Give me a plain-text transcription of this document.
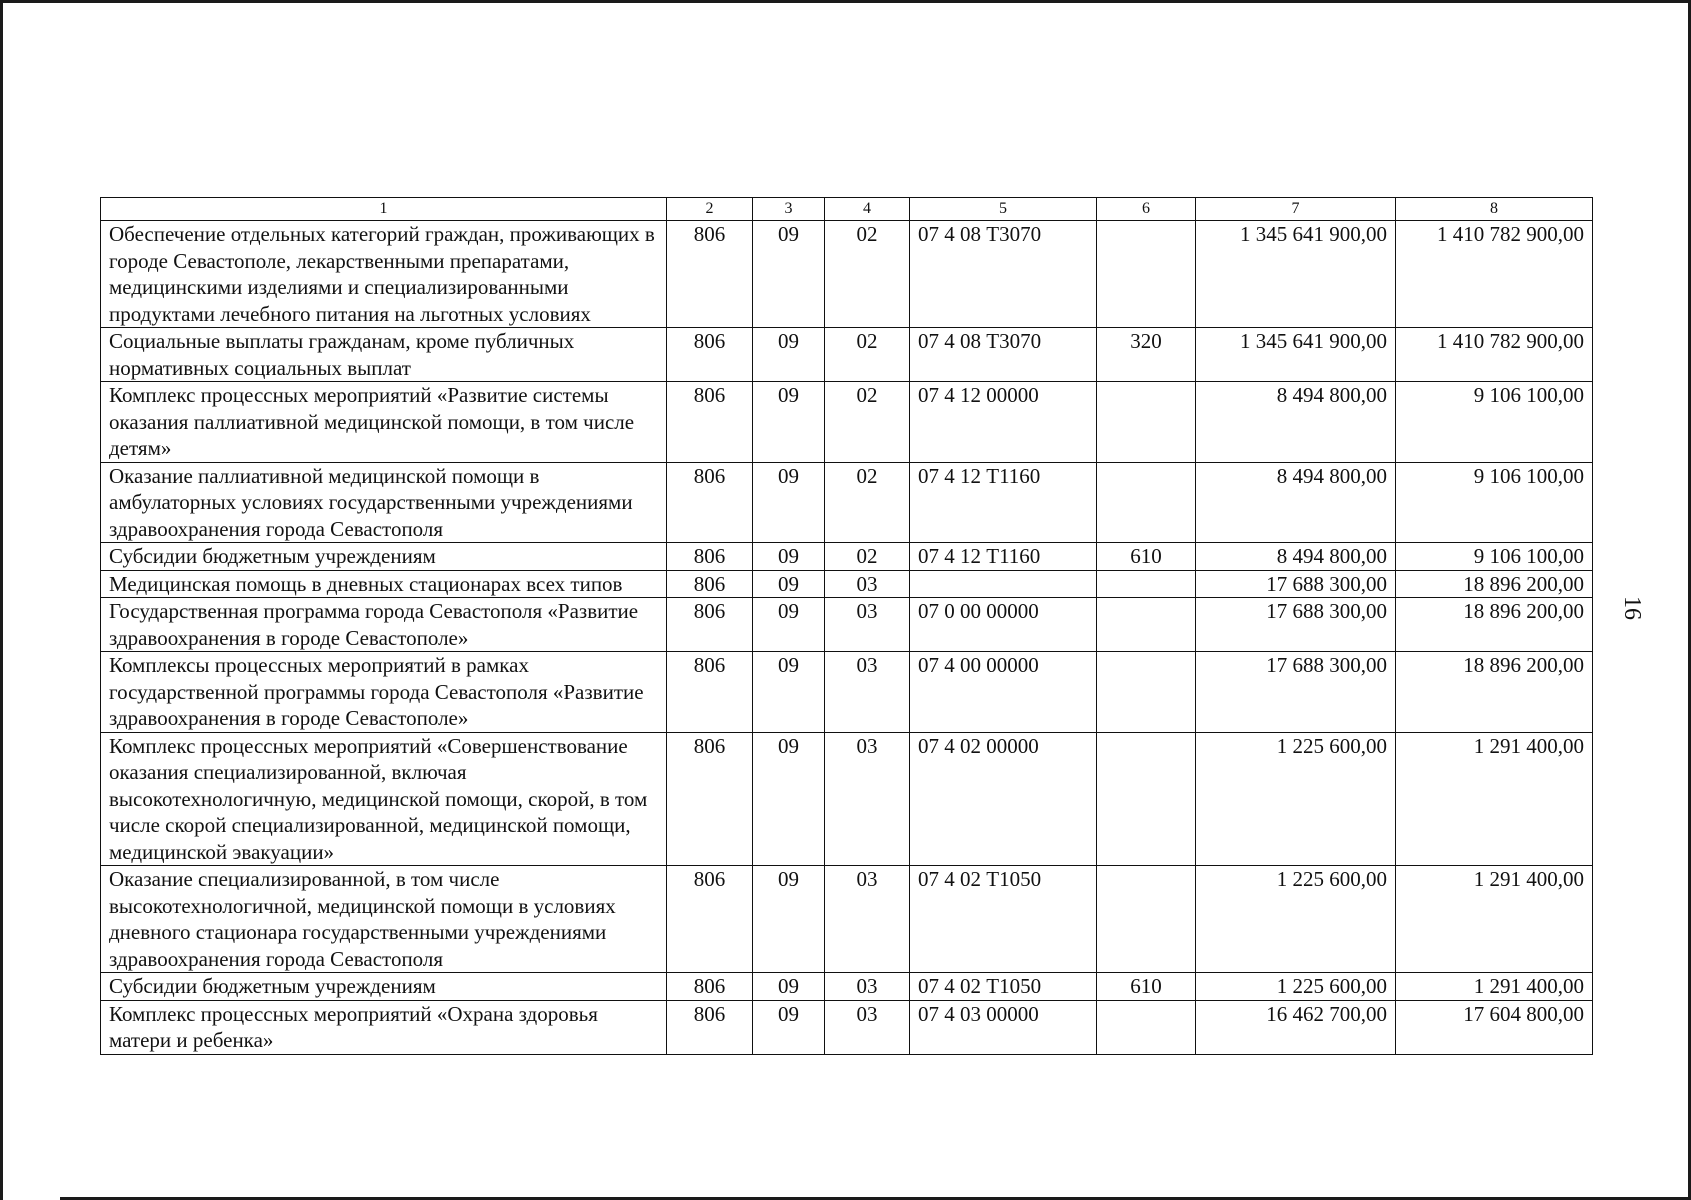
16
1	2	3	4	5	6	7	8
Обеспечение отдельных категорий граждан, проживающих в городе Севастополе, лекарственными препаратами, медицинскими изделиями и специализированными продуктами лечебного питания на льготных условиях	806	09	02	07 4 08 Т3070		1 345 641 900,00	1 410 782 900,00
Социальные выплаты гражданам, кроме публичных нормативных социальных выплат	806	09	02	07 4 08 Т3070	320	1 345 641 900,00	1 410 782 900,00
Комплекс процессных мероприятий «Развитие системы оказания паллиативной медицинской помощи, в том числе детям»	806	09	02	07 4 12 00000		8 494 800,00	9 106 100,00
Оказание паллиативной медицинской помощи в амбулаторных условиях государственными учреждениями здравоохранения города Севастополя	806	09	02	07 4 12 Т1160		8 494 800,00	9 106 100,00
Субсидии бюджетным учреждениям	806	09	02	07 4 12 Т1160	610	8 494 800,00	9 106 100,00
Медицинская помощь в дневных стационарах всех типов	806	09	03			17 688 300,00	18 896 200,00
Государственная программа города Севастополя «Развитие здравоохранения в городе Севастополе»	806	09	03	07 0 00 00000		17 688 300,00	18 896 200,00
Комплексы процессных мероприятий в рамках государственной программы города Севастополя «Развитие здравоохранения в городе Севастополе»	806	09	03	07 4 00 00000		17 688 300,00	18 896 200,00
Комплекс процессных мероприятий «Совершенствование оказания специализированной, включая высокотехнологичную, медицинской помощи, скорой, в том числе скорой специализированной, медицинской помощи, медицинской эвакуации»	806	09	03	07 4 02 00000		1 225 600,00	1 291 400,00
Оказание специализированной, в том числе высокотехнологичной, медицинской помощи в условиях дневного стационара государственными учреждениями здравоохранения города Севастополя	806	09	03	07 4 02 Т1050		1 225 600,00	1 291 400,00
Субсидии бюджетным учреждениям	806	09	03	07 4 02 Т1050	610	1 225 600,00	1 291 400,00
Комплекс процессных мероприятий «Охрана здоровья матери и ребенка»	806	09	03	07 4 03 00000		16 462 700,00	17 604 800,00
